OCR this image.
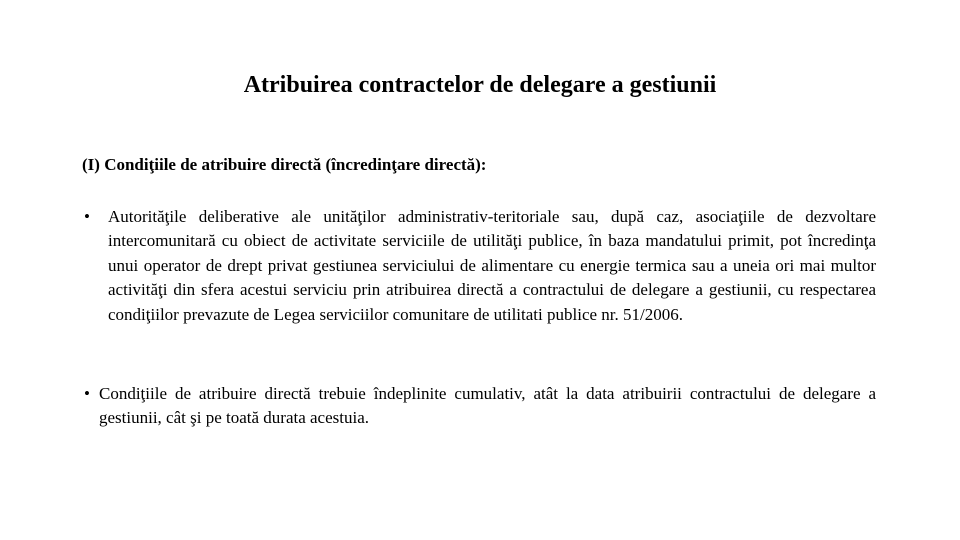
Atribuirea contractelor de delegare a gestiunii
(I) Condiţiile de atribuire directă (încredinţare directă):
• Autorităţile deliberative ale unităţilor administrativ-teritoriale sau, după caz, asociaţiile de dezvoltare intercomunitară cu obiect de activitate serviciile de utilităţi publice, în baza mandatului primit, pot încredinţa unui operator de drept privat gestiunea serviciului de alimentare cu energie termica sau a uneia ori mai multor activităţi din sfera acestui serviciu prin atribuirea directă a contractului de delegare a gestiunii, cu respectarea condiţiilor prevazute de Legea serviciilor comunitare de utilitati publice nr. 51/2006.
• Condiţiile de atribuire directă trebuie îndeplinite cumulativ, atât la data atribuirii contractului de delegare a gestiunii, cât şi pe toată durata acestuia.
